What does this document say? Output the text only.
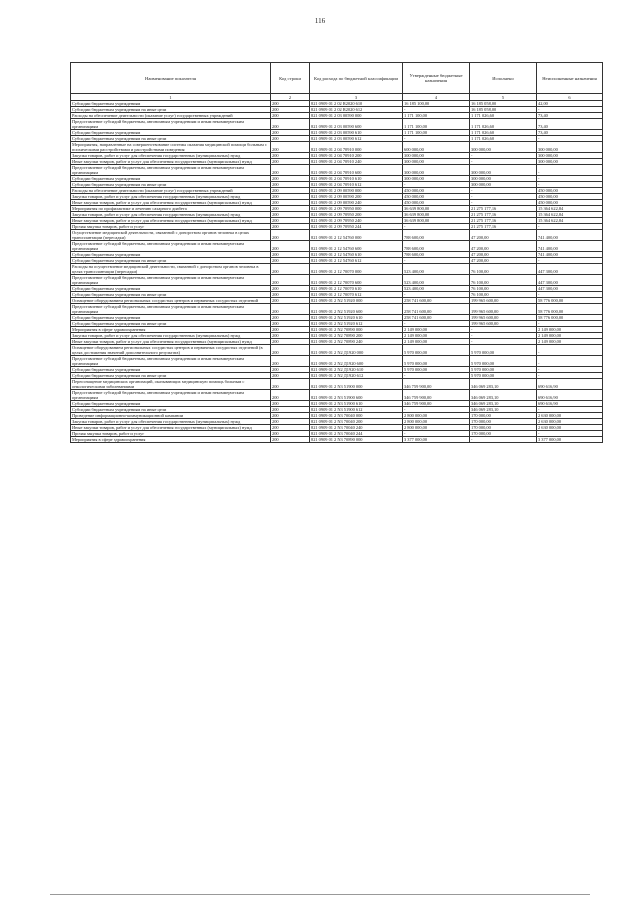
116
Наименование показателя	Код строки	Код расхода по бюджетной классификации	Утвержденные бюджетные назначения	Исполнено	Неисполненные назначения
1	2	3	4	5	6
Субсидии бюджетным учреждениям	200	821 0909 01 2 02 R2020 610	16 185 100,00	16 185 058,00	42,00
Субсидии бюджетным учреждениям на иные цели	200	821 0909 01 2 02 R2020 612	-	16 185 058,00	-
Расходы на обеспечение деятельности (оказание услуг) государственных учреждений	200	821 0909 01 2 03 00590 000	1 171 100,00	1 171 026,60	73,40
Предоставление субсидий бюджетным, автономным учреждениям и иным некоммерческим организациям	200	821 0909 01 2 03 00590 600	1 171 100,00	1 171 026,60	73,40
Субсидии бюджетным учреждениям	200	821 0909 01 2 03 00590 610	1 171 100,00	1 171 026,60	73,40
Субсидии бюджетным учреждениям на иные цели	200	821 0909 01 2 03 00590 612	-	1 171 026,60	-
Мероприятия, направленные на совершенствование системы оказания медицинской помощи больным с психическими расстройствами и расстройствами поведения	200	821 0909 01 2 04 70910 000	600 000,00	300 000,00	300 000,00
Закупка товаров, работ и услуг для обеспечения государственных (муниципальных) нужд	200	821 0909 01 2 04 70910 200	300 000,00	-	300 000,00
Иные закупки товаров, работ и услуг для обеспечения государственных (муниципальных) нужд	200	821 0909 01 2 04 70910 240	300 000,00	-	300 000,00
Предоставление субсидий бюджетным, автономным учреждениям и иным некоммерческим организациям	200	821 0909 01 2 04 70910 600	300 000,00	300 000,00	-
Субсидии бюджетным учреждениям	200	821 0909 01 2 04 70910 610	300 000,00	300 000,00	-
Субсидии бюджетным учреждениям на иные цели	200	821 0909 01 2 04 70910 612	-	300 000,00	-
Расходы на обеспечение деятельности (оказание услуг) государственных учреждений	200	821 0909 01 2 09 00590 000	450 000,00	-	450 000,00
Закупка товаров, работ и услуг для обеспечения государственных (муниципальных) нужд	200	821 0909 01 2 09 00590 200	450 000,00	-	450 000,00
Иные закупки товаров, работ и услуг для обеспечения государственных (муниципальных) нужд	200	821 0909 01 2 09 00590 240	450 000,00	-	450 000,00
Мероприятия по профилактике и лечению сахарного диабета	200	821 0909 01 2 09 70950 000	36 639 800,00	21 275 177,16	15 364 622,84
Закупка товаров, работ и услуг для обеспечения государственных (муниципальных) нужд	200	821 0909 01 2 09 70950 200	36 639 800,00	21 275 177,16	15 364 622,84
Иные закупки товаров, работ и услуг для обеспечения государственных (муниципальных) нужд	200	821 0909 01 2 09 70950 240	36 639 800,00	21 275 177,16	15 364 622,84
Прочая закупка товаров, работ и услуг	200	821 0909 01 2 09 70950 244	-	21 275 177,16	-
Осуществление медицинской деятельности, связанной с донорством органов человека в целях трансплантации (пересадки)	200	821 0909 01 2 12 54760 000	788 600,00	47 200,00	741 400,00
Предоставление субсидий бюджетным, автономным учреждениям и иным некоммерческим организациям	200	821 0909 01 2 12 54760 600	788 600,00	47 200,00	741 400,00
Субсидии бюджетным учреждениям	200	821 0909 01 2 12 54760 610	788 600,00	47 200,00	741 400,00
Субсидии бюджетным учреждениям на иные цели	200	821 0909 01 2 12 54760 612	-	47 200,00	-
Расходы на осуществление медицинской деятельности, связанной с донорством органов человека в целях трансплантации (пересадки)	200	821 0909 01 2 12 70070 000	523 400,00	76 100,00	447 300,00
Предоставление субсидий бюджетным, автономным учреждениям и иным некоммерческим организациям	200	821 0909 01 2 12 70070 600	523 400,00	76 100,00	447 300,00
Субсидии бюджетным учреждениям	200	821 0909 01 2 12 70070 610	523 400,00	76 100,00	447 300,00
Субсидии бюджетным учреждениям на иные цели	200	821 0909 01 2 12 70070 612	-	76 100,00	-
Оснащение оборудованием региональных сосудистых центров и первичных сосудистых отделений	200	821 0909 01 2 N2 51920 000	258 741 600,00	199 965 600,00	58 776 000,00
Предоставление субсидий бюджетным, автономным учреждениям и иным некоммерческим организациям	200	821 0909 01 2 N2 51920 600	258 741 600,00	199 965 600,00	58 776 000,00
Субсидии бюджетным учреждениям	200	821 0909 01 2 N2 51920 610	258 741 600,00	199 965 600,00	58 776 000,00
Субсидии бюджетным учреждениям на иные цели	200	821 0909 01 2 N2 51920 612	-	199 965 600,00	-
Мероприятия в сфере здравоохранения	200	821 0909 01 2 N2 70890 000	2 149 000,00	-	2 149 000,00
Закупка товаров, работ и услуг для обеспечения государственных (муниципальных) нужд	200	821 0909 01 2 N2 70890 200	2 149 000,00	-	2 149 000,00
Иные закупки товаров, работ и услуг для обеспечения государственных (муниципальных) нужд	200	821 0909 01 2 N2 70890 240	2 149 000,00	-	2 149 000,00
Оснащение оборудованием региональных сосудистых центров и первичных сосудистых отделений (в целях достижения значений дополнительного результата)	200	821 0909 01 2 N2 Д1920 000	5 970 000,00	5 970 000,00	-
Предоставление субсидий бюджетным, автономным учреждениям и иным некоммерческим организациям	200	821 0909 01 2 N2 Д1920 600	5 970 000,00	5 970 000,00	-
Субсидии бюджетным учреждениям	200	821 0909 01 2 N2 Д1920 610	5 970 000,00	5 970 000,00	-
Субсидии бюджетным учреждениям на иные цели	200	821 0909 01 2 N2 Д1920 612	-	5 970 000,00	-
Переоснащение медицинских организаций, оказывающих медицинскую помощь больным с онкологическими заболеваниями	200	821 0909 01 2 N3 51900 000	346 759 900,00	346 069 283,10	690 616,90
Предоставление субсидий бюджетным, автономным учреждениям и иным некоммерческим организациям	200	821 0909 01 2 N3 51900 600	346 759 900,00	346 069 283,10	690 616,90
Субсидии бюджетным учреждениям	200	821 0909 01 2 N3 51900 610	346 759 900,00	346 069 283,10	690 616,90
Субсидии бюджетным учреждениям на иные цели	200	821 0909 01 2 N3 51900 612	-	346 069 283,10	-
Проведение информационно-коммуникационной кампании	200	821 0909 01 2 N3 70040 000	2 800 000,00	170 000,00	2 630 000,00
Закупка товаров, работ и услуг для обеспечения государственных (муниципальных) нужд	200	821 0909 01 2 N3 70040 200	2 800 000,00	170 000,00	2 630 000,00
Иные закупки товаров, работ и услуг для обеспечения государственных (муниципальных) нужд	200	821 0909 01 2 N3 70040 240	2 800 000,00	170 000,00	2 630 000,00
Прочая закупка товаров, работ и услуг	200	821 0909 01 2 N3 70040 244	-	170 000,00	-
Мероприятия в сфере здравоохранения	200	821 0909 01 2 N3 70890 000	3 377 000,00	-	3 377 000,00
